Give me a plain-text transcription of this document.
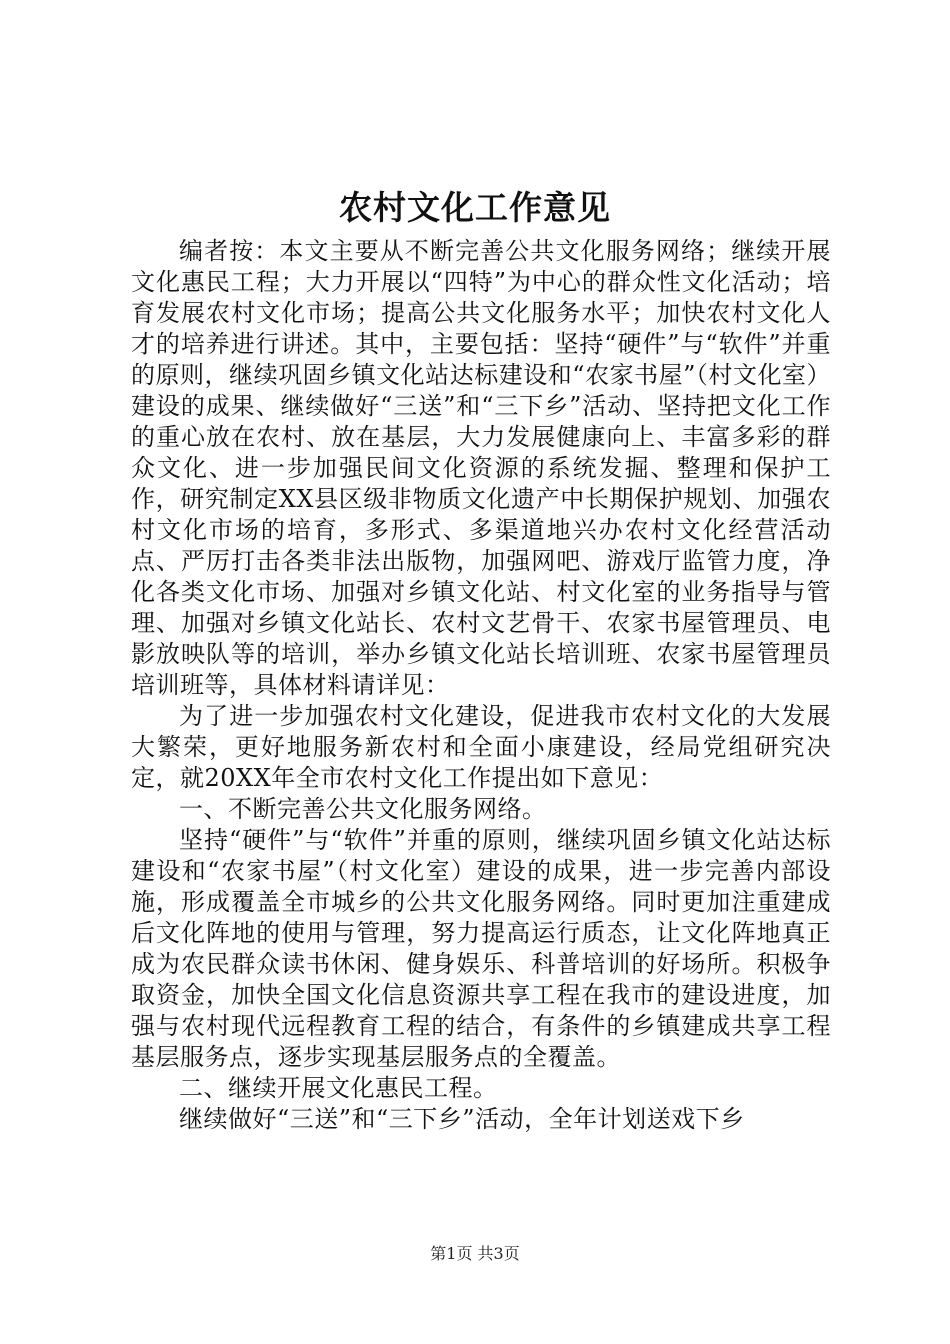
农村文化工作意见

编者按：本文主要从不断完善公共文化服务网络；继续开展文化惠民工程；大力开展以“四特”为中心的群众性文化活动；培育发展农村文化市场；提高公共文化服务水平；加快农村文化人才的培养进行讲述。其中，主要包括：坚持“硬件”与“软件”并重的原则，继续巩固乡镇文化站达标建设和“农家书屋”（村文化室）建设的成果、继续做好“三送”和“三下乡”活动、坚持把文化工作的重心放在农村、放在基层，大力发展健康向上、丰富多彩的群众文化、进一步加强民间文化资源的系统发掘、整理和保护工作，研究制定XX县区级非物质文化遗产中长期保护规划、加强农村文化市场的培育，多形式、多渠道地兴办农村文化经营活动点、严厉打击各类非法出版物，加强网吧、游戏厅监管力度，净化各类文化市场、加强对乡镇文化站、村文化室的业务指导与管理、加强对乡镇文化站长、农村文艺骨干、农家书屋管理员、电影放映队等的培训，举办乡镇文化站长培训班、农家书屋管理员培训班等，具体材料请详见：

为了进一步加强农村文化建设，促进我市农村文化的大发展大繁荣，更好地服务新农村和全面小康建设，经局党组研究决定，就20XX年全市农村文化工作提出如下意见：

一、不断完善公共文化服务网络。

坚持“硬件”与“软件”并重的原则，继续巩固乡镇文化站达标建设和“农家书屋”（村文化室）建设的成果，进一步完善内部设施，形成覆盖全市城乡的公共文化服务网络。同时更加注重建成后文化阵地的使用与管理，努力提高运行质态，让文化阵地真正成为农民群众读书休闲、健身娱乐、科普培训的好场所。积极争取资金，加快全国文化信息资源共享工程在我市的建设进度，加强与农村现代远程教育工程的结合，有条件的乡镇建成共享工程基层服务点，逐步实现基层服务点的全覆盖。

二、继续开展文化惠民工程。

继续做好“三送”和“三下乡”活动，全年计划送戏下乡

第1页 共3页
